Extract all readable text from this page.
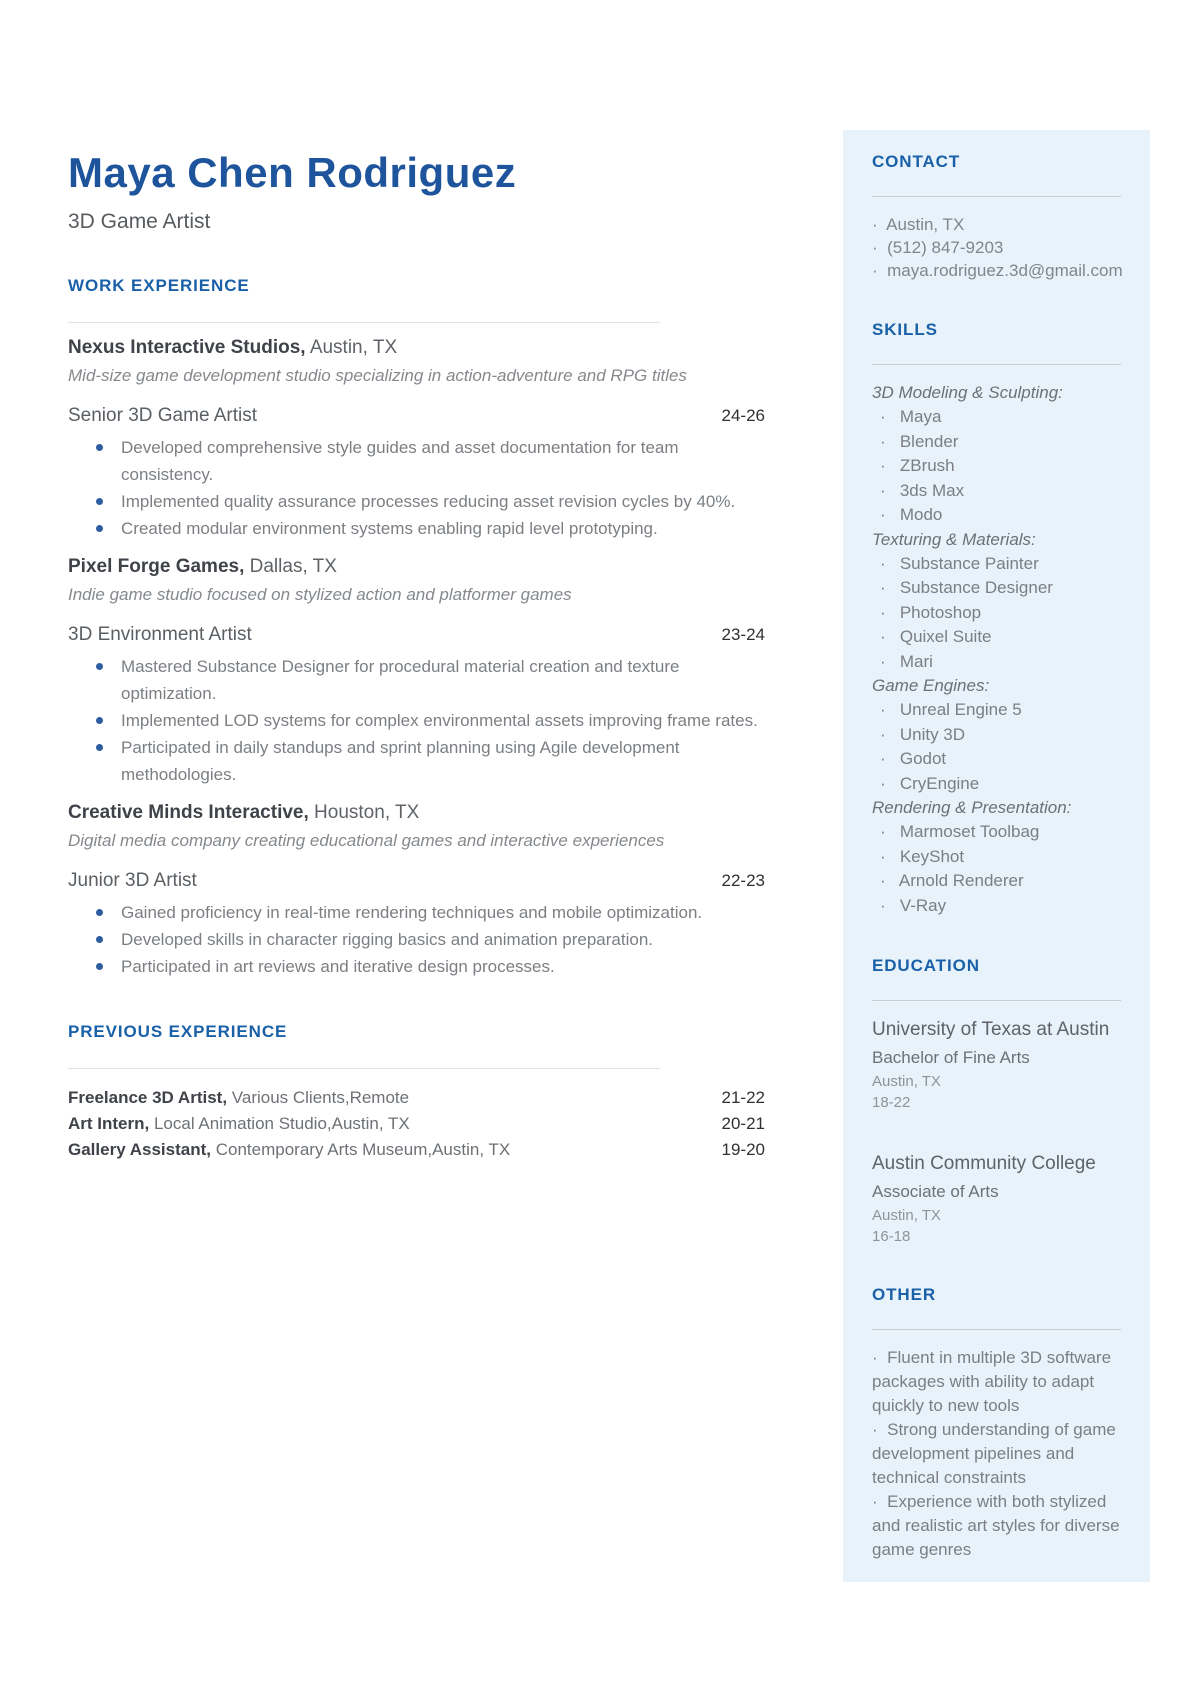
Maya Chen Rodriguez
3D Game Artist
WORK EXPERIENCE
Nexus Interactive Studios, Austin, TX
Mid-size game development studio specializing in action-adventure and RPG titles
Senior 3D Game Artist	24-26
Developed comprehensive style guides and asset documentation for team consistency.
Implemented quality assurance processes reducing asset revision cycles by 40%.
Created modular environment systems enabling rapid level prototyping.
Pixel Forge Games, Dallas, TX
Indie game studio focused on stylized action and platformer games
3D Environment Artist	23-24
Mastered Substance Designer for procedural material creation and texture optimization.
Implemented LOD systems for complex environmental assets improving frame rates.
Participated in daily standups and sprint planning using Agile development methodologies.
Creative Minds Interactive, Houston, TX
Digital media company creating educational games and interactive experiences
Junior 3D Artist	22-23
Gained proficiency in real-time rendering techniques and mobile optimization.
Developed skills in character rigging basics and animation preparation.
Participated in art reviews and iterative design processes.
PREVIOUS EXPERIENCE
Freelance 3D Artist, Various Clients,Remote	21-22
Art Intern, Local Animation Studio,Austin, TX	20-21
Gallery Assistant, Contemporary Arts Museum,Austin, TX	19-20
CONTACT
· Austin, TX
· (512) 847-9203
· maya.rodriguez.3d@gmail.com
SKILLS
3D Modeling & Sculpting:
· Maya
· Blender
· ZBrush
· 3ds Max
· Modo
Texturing & Materials:
· Substance Painter
· Substance Designer
· Photoshop
· Quixel Suite
· Mari
Game Engines:
· Unreal Engine 5
· Unity 3D
· Godot
· CryEngine
Rendering & Presentation:
· Marmoset Toolbag
· KeyShot
· Arnold Renderer
· V-Ray
EDUCATION
University of Texas at Austin
Bachelor of Fine Arts
Austin, TX
18-22
Austin Community College
Associate of Arts
Austin, TX
16-18
OTHER
· Fluent in multiple 3D software packages with ability to adapt quickly to new tools
· Strong understanding of game development pipelines and technical constraints
· Experience with both stylized and realistic art styles for diverse game genres
